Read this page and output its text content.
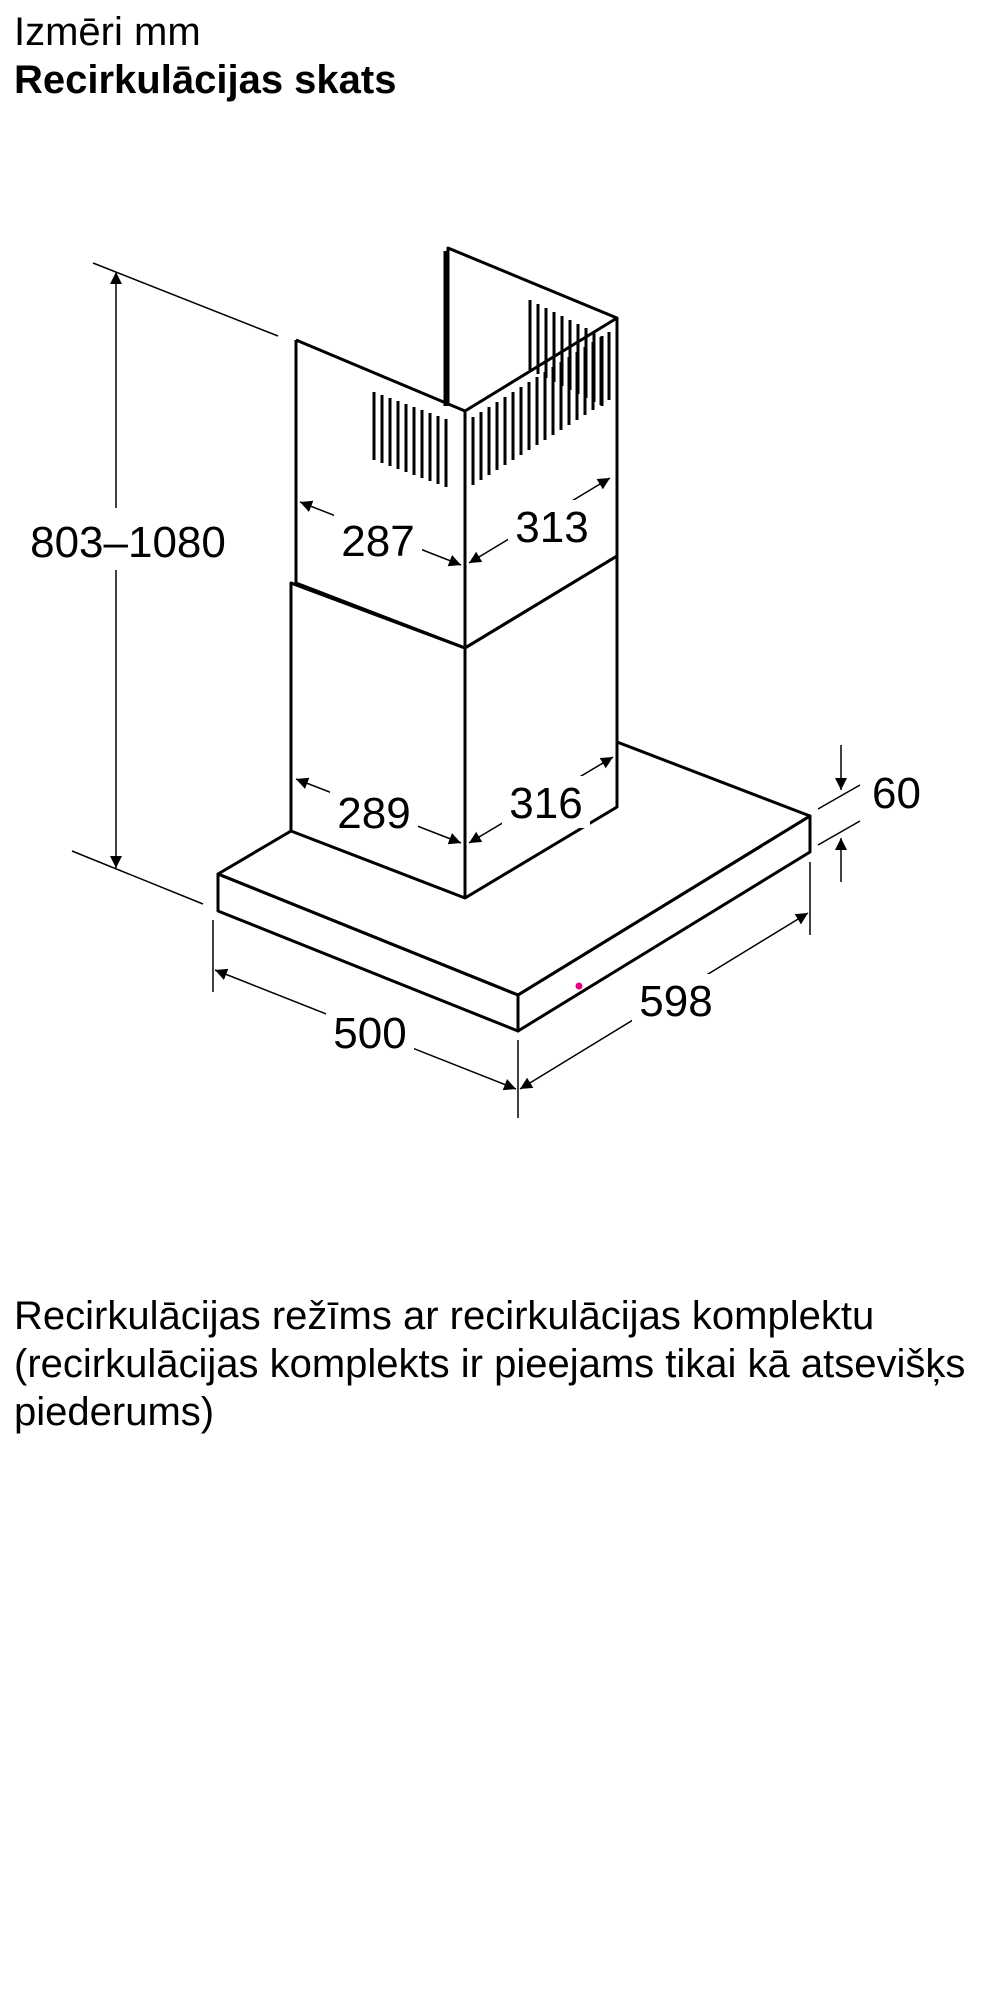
Izmēri mm
Recirkulācijas skats
803–1080	287 313
289 316	60
500
598

Recirkulācijas režīms ar recirkulācijas komplektu (recirkulācijas komplekts ir pieejams tikai kā atsevišķs piederums)
